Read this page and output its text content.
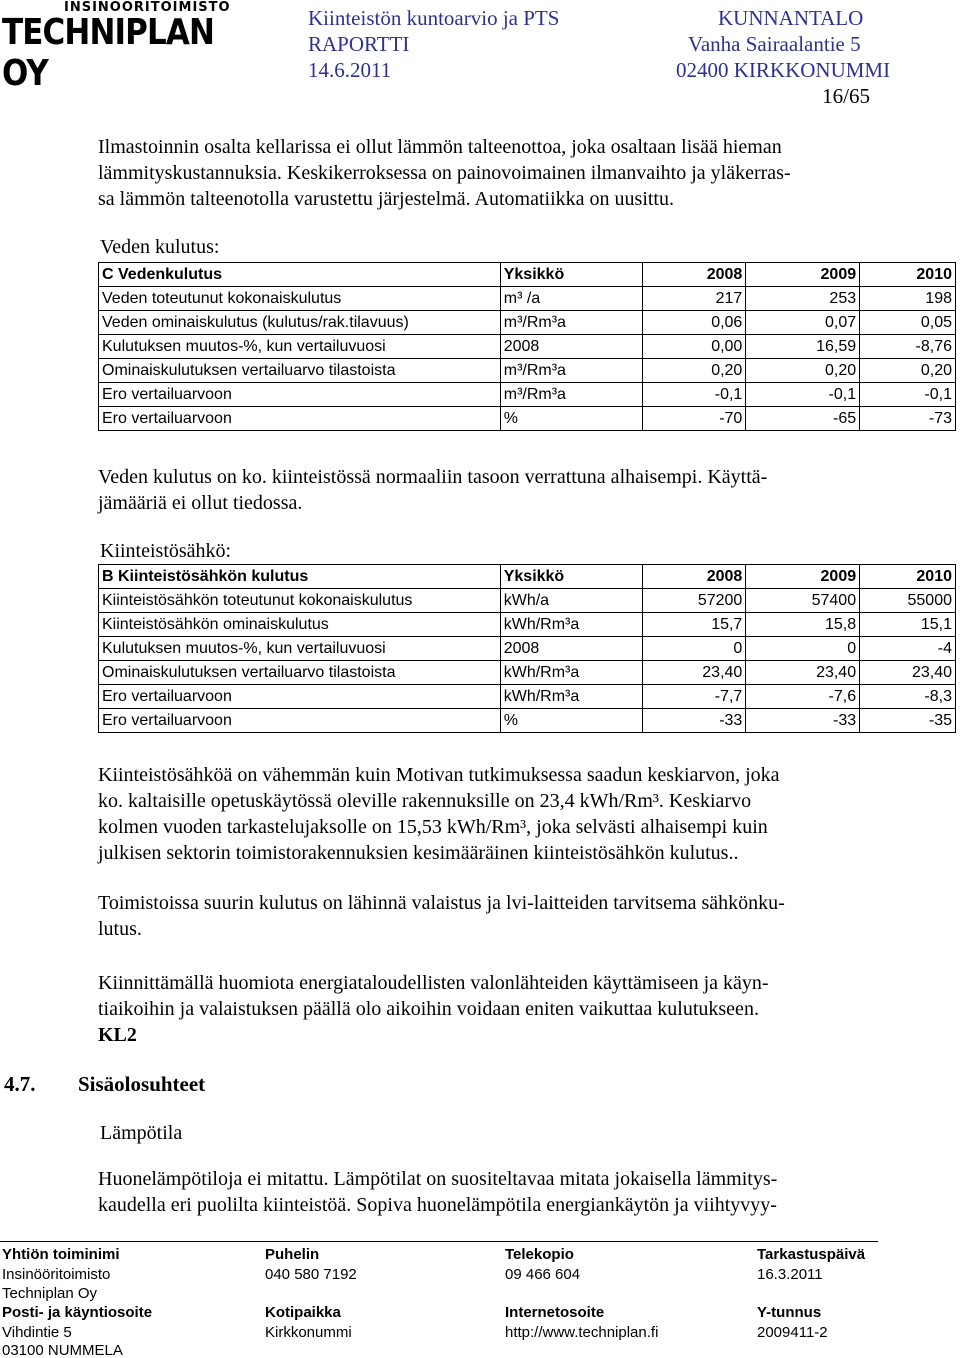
INSINÖÖRITOIMISTO
TECHNIPLAN OY
Kiinteistön kuntoarvio ja PTS
RAPORTTI
14.6.2011
KUNNANTALO
Vanha Sairaalantie 5
02400 KIRKKONUMMI
16/65
Ilmastoinnin osalta kellarissa ei ollut lämmön talteenottoa, joka osaltaan lisää hieman
lämmityskustannuksia. Keskikerroksessa on painovoimainen ilmanvaihto ja yläkerras-
sa lämmön talteenotolla varustettu järjestelmä. Automatiikka on uusittu.
Veden kulutus:
C Vedenkulutus	Yksikkö	2008	2009	2010
Veden toteutunut kokonaiskulutus	m³ /a	217	253	198
Veden ominaiskulutus (kulutus/rak.tilavuus)	m³/Rm³a	0,06	0,07	0,05
Kulutuksen muutos-%, kun vertailuvuosi	2008	0,00	16,59	-8,76
Ominaiskulutuksen vertailuarvo tilastoista	m³/Rm³a	0,20	0,20	0,20
Ero vertailuarvoon	m³/Rm³a	-0,1	-0,1	-0,1
Ero vertailuarvoon	%	-70	-65	-73
Veden kulutus on ko. kiinteistössä normaaliin tasoon verrattuna alhaisempi. Käyttä-
jämääriä ei ollut tiedossa.
Kiinteistösähkö:
B Kiinteistösähkön kulutus	Yksikkö	2008	2009	2010
Kiinteistösähkön toteutunut kokonaiskulutus	kWh/a	57200	57400	55000
Kiinteistösähkön ominaiskulutus	kWh/Rm³a	15,7	15,8	15,1
Kulutuksen muutos-%, kun vertailuvuosi	2008	0	0	-4
Ominaiskulutuksen vertailuarvo tilastoista	kWh/Rm³a	23,40	23,40	23,40
Ero vertailuarvoon	kWh/Rm³a	-7,7	-7,6	-8,3
Ero vertailuarvoon	%	-33	-33	-35
Kiinteistösähköä on vähemmän kuin Motivan tutkimuksessa saadun keskiarvon, joka
ko. kaltaisille opetuskäytössä oleville rakennuksille on 23,4 kWh/Rm³. Keskiarvo
kolmen vuoden tarkastelujaksolle on 15,53 kWh/Rm³, joka selvästi alhaisempi kuin
julkisen sektorin toimistorakennuksien kesimääräinen kiinteistösähkön kulutus..
Toimistoissa suurin kulutus on lähinnä valaistus ja lvi-laitteiden tarvitsema sähkönku-
lutus.
Kiinnittämällä huomiota energiataloudellisten valonlähteiden käyttämiseen ja käyn-
tiaikoihin ja valaistuksen päällä olo aikoihin voidaan eniten vaikuttaa kulutukseen.
KL2
4.7. Sisäolosuhteet
Lämpötila
Huonelämpötiloja ei mitattu. Lämpötilat on suositeltavaa mitata jokaisella lämmitys-
kaudella eri puolilta kiinteistöä. Sopiva huonelämpötila energiankäytön ja viihtyvyy-
Yhtiön toiminimi
Insinööritoimisto
Techniplan Oy
Posti- ja käyntiosoite
Vihdintie 5
03100 NUMMELA
Puhelin
040 580 7192
Kotipaikka
Kirkkonummi
Telekopio
09 466 604
Internetosoite
http://www.techniplan.fi
Tarkastuspäivä
16.3.2011
Y-tunnus
2009411-2
